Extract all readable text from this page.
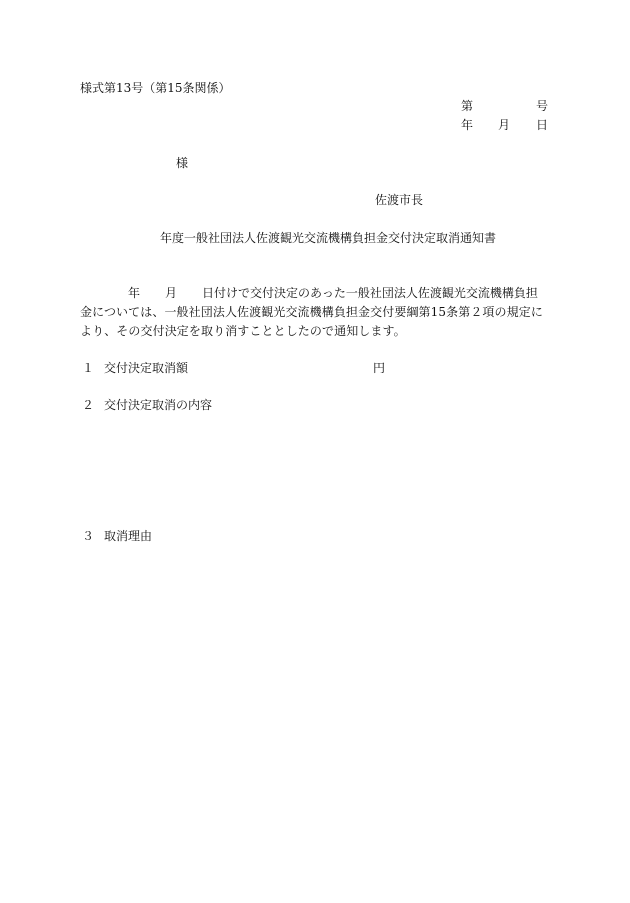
様式第13号（第15条関係）
第	号
年 月 日
様
佐渡市長
年度一般社団法人佐渡観光交流機構負担金交付決定取消通知書
年 月 日付けで交付決定のあった一般社団法人佐渡観光交流機構負担
金については、一般社団法人佐渡観光交流機構負担金交付要綱第15条第２項の規定に
より、その交付決定を取り消すこととしたので通知します。
１ 交付決定取消額	円
２ 交付決定取消の内容
３ 取消理由
